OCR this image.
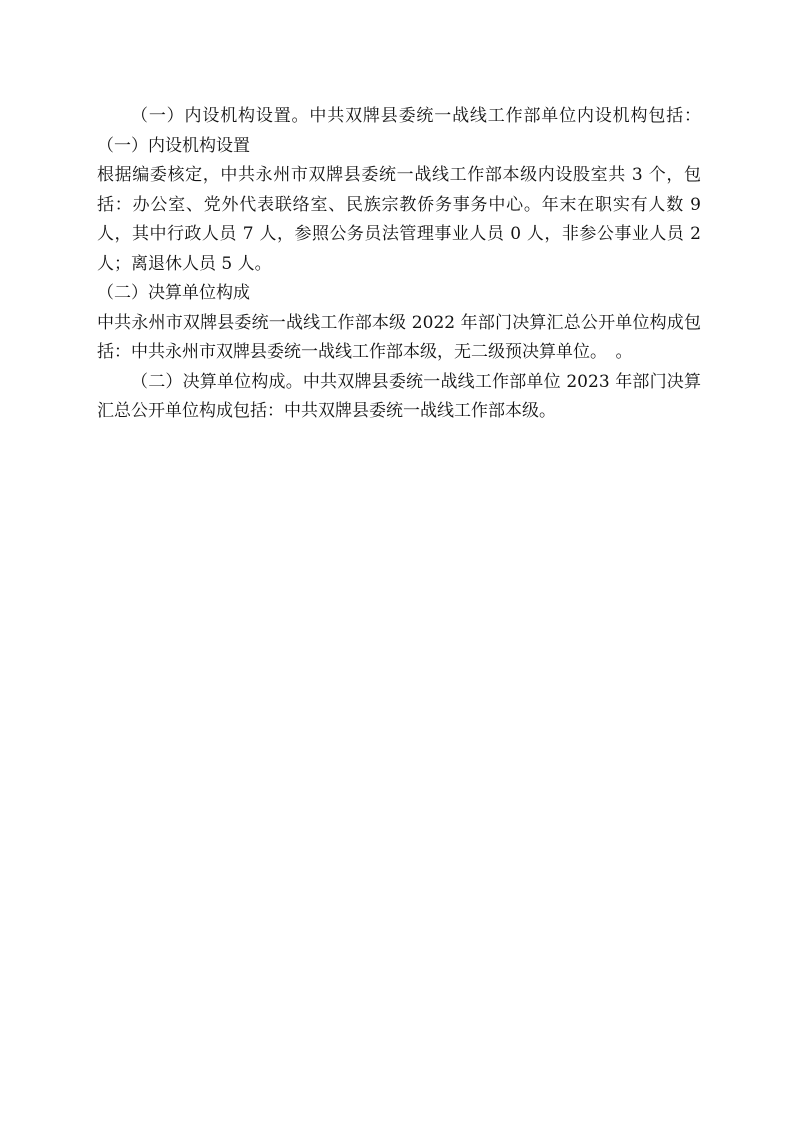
（一）内设机构设置。中共双牌县委统一战线工作部单位内设机构包括：（一）内设机构设置

根据编委核定，中共永州市双牌县委统一战线工作部本级内设股室共 3 个，包括：办公室、党外代表联络室、民族宗教侨务事务中心。年末在职实有人数 9 人，其中行政人员 7 人，参照公务员法管理事业人员 0 人，非参公事业人员 2 人；离退休人员 5 人。

（二）决算单位构成

中共永州市双牌县委统一战线工作部本级 2022 年部门决算汇总公开单位构成包括：中共永州市双牌县委统一战线工作部本级，无二级预决算单位。　。

（二）决算单位构成。中共双牌县委统一战线工作部单位 2023 年部门决算汇总公开单位构成包括：中共双牌县委统一战线工作部本级。
